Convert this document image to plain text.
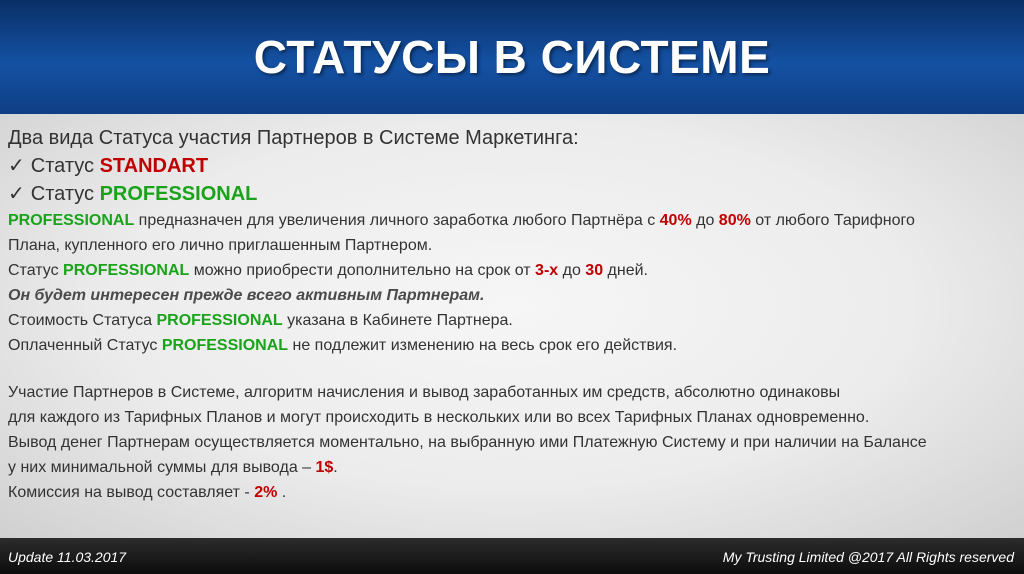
СТАТУСЫ В СИСТЕМЕ
Два вида Статуса участия Партнеров в Системе Маркетинга:
✓ Статус STANDART
✓ Статус PROFESSIONAL
PROFESSIONAL предназначен для увеличения личного заработка любого Партнёра с 40% до 80% от любого Тарифного
Плана, купленного его лично приглашенным Партнером.
Статус PROFESSIONAL можно приобрести дополнительно на срок от 3-х до 30 дней.
Он будет интересен прежде всего активным Партнерам.
Стоимость Статуса PROFESSIONAL указана в Кабинете Партнера.
Оплаченный Статус PROFESSIONAL не подлежит изменению на весь срок его действия.
Участие Партнеров в Системе, алгоритм начисления и вывод заработанных им средств, абсолютно одинаковы
для каждого из Тарифных Планов и могут происходить в нескольких или во всех Тарифных Планах одновременно.
Вывод денег Партнерам осуществляется моментально, на выбранную ими Платежную Систему и при наличии на Балансе
у них минимальной суммы для вывода – 1$.
Комиссия на вывод составляет - 2% .
Update 11.03.2017	My Trusting Limited @2017 All Rights reserved
